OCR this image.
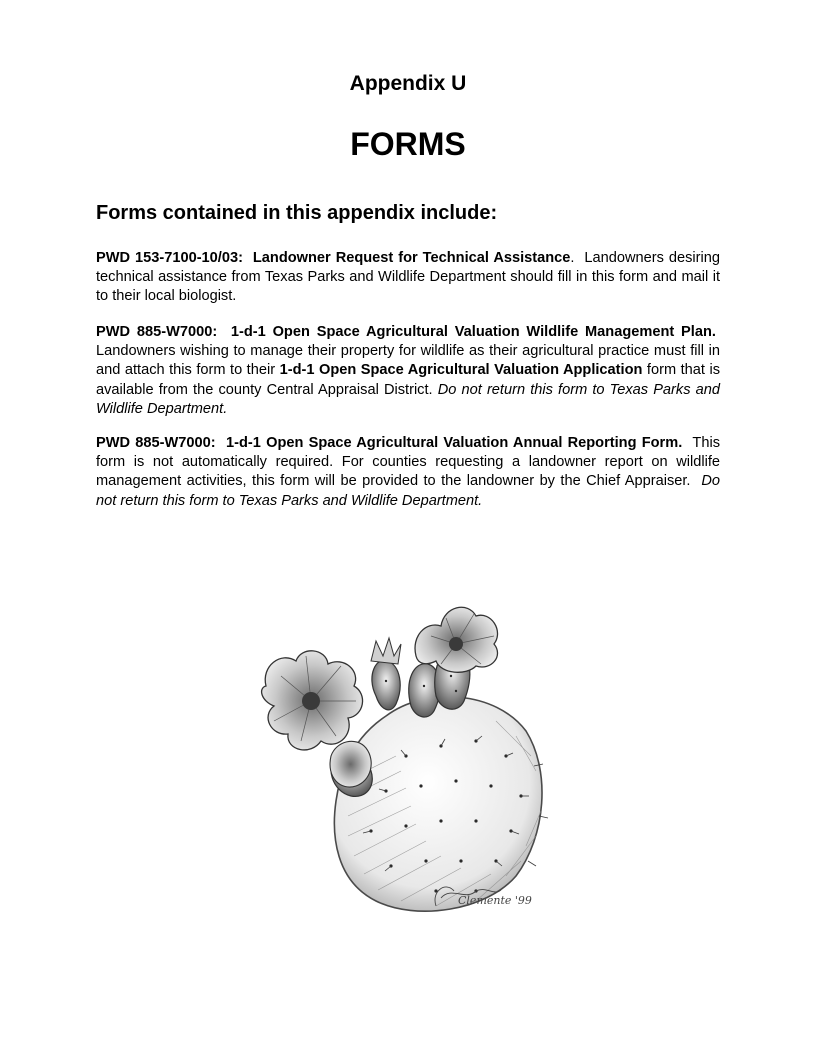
Appendix U
FORMS
Forms contained in this appendix include:

PWD 153-7100-10/03: Landowner Request for Technical Assistance. Landowners desiring technical assistance from Texas Parks and Wildlife Department should fill in this form and mail it to their local biologist.

PWD 885-W7000: 1-d-1 Open Space Agricultural Valuation Wildlife Management Plan.  Landowners wishing to manage their property for wildlife as their agricultural practice must fill in and attach this form to their 1-d-1 Open Space Agricultural Valuation Application form that is available from the county Central Appraisal District. Do not return this form to Texas Parks and Wildlife Department.

PWD 885-W7000: 1-d-1 Open Space Agricultural Valuation Annual Reporting Form. This form is not automatically required. For counties requesting a landowner report on wildlife management activities, this form will be provided to the landowner by the Chief Appraiser. Do not return this form to Texas Parks and Wildlife Department.

Clemente '99
